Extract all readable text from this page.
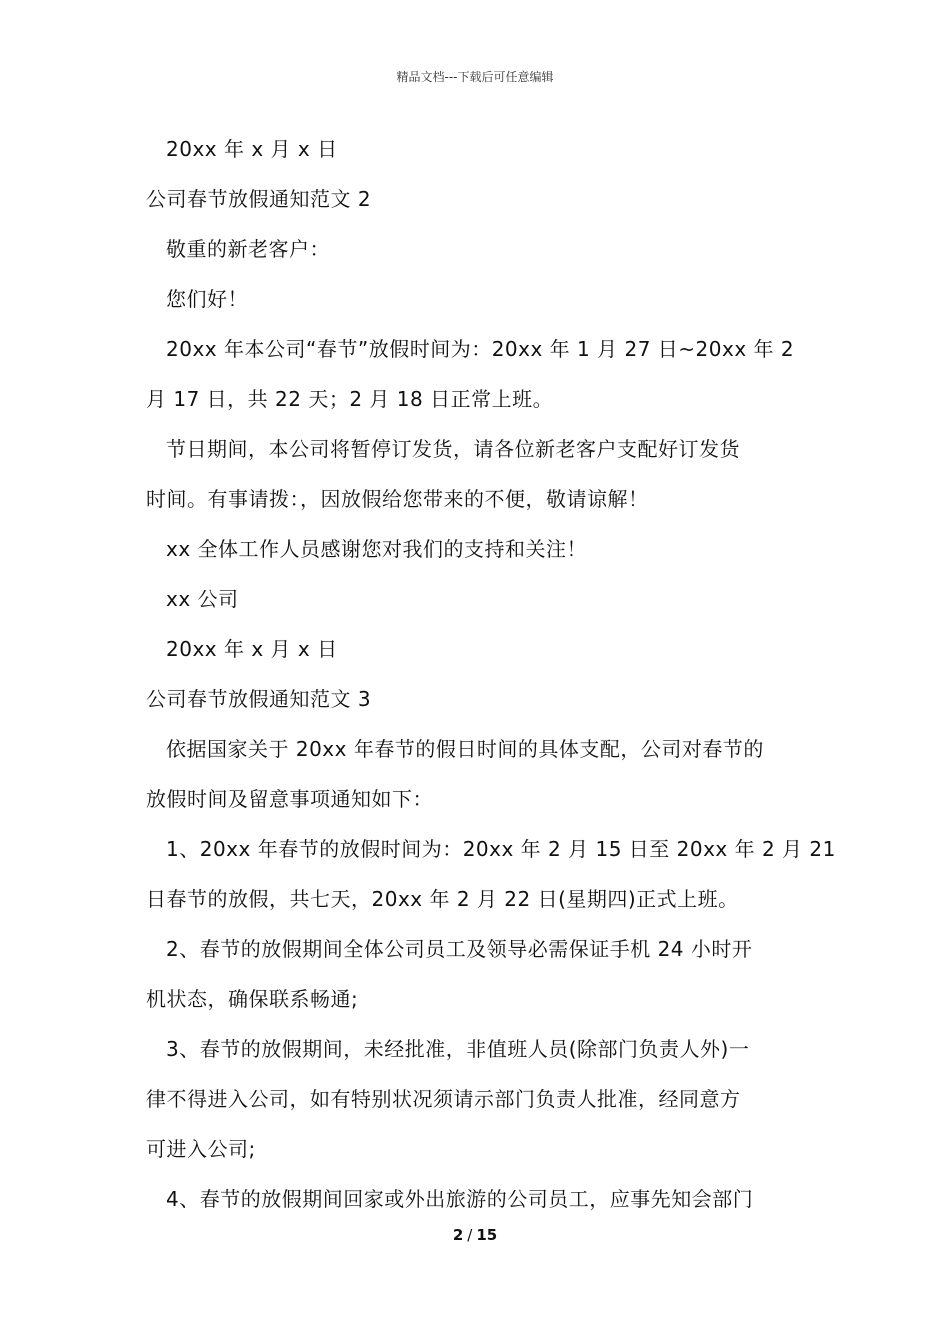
精品文档---下载后可任意编辑
20xx 年 x 月 x 日
公司春节放假通知范文 2
敬重的新老客户：
您们好！
20xx 年本公司“春节”放假时间为：20xx 年 1 月 27 日~20xx 年 2
月 17 日，共 22 天；2 月 18 日正常上班。
节日期间，本公司将暂停订发货，请各位新老客户支配好订发货
时间。有事请拨：，因放假给您带来的不便，敬请谅解！
xx 全体工作人员感谢您对我们的支持和关注！
xx 公司
20xx 年 x 月 x 日
公司春节放假通知范文 3
依据国家关于 20xx 年春节的假日时间的具体支配，公司对春节的
放假时间及留意事项通知如下：
1、20xx 年春节的放假时间为：20xx 年 2 月 15 日至 20xx 年 2 月 21
日春节的放假，共七天，20xx 年 2 月 22 日(星期四)正式上班。
2、春节的放假期间全体公司员工及领导必需保证手机 24 小时开
机状态，确保联系畅通;
3、春节的放假期间，未经批准，非值班人员(除部门负责人外)一
律不得进入公司，如有特别状况须请示部门负责人批准，经同意方
可进入公司;
4、春节的放假期间回家或外出旅游的公司员工，应事先知会部门
2 / 15
